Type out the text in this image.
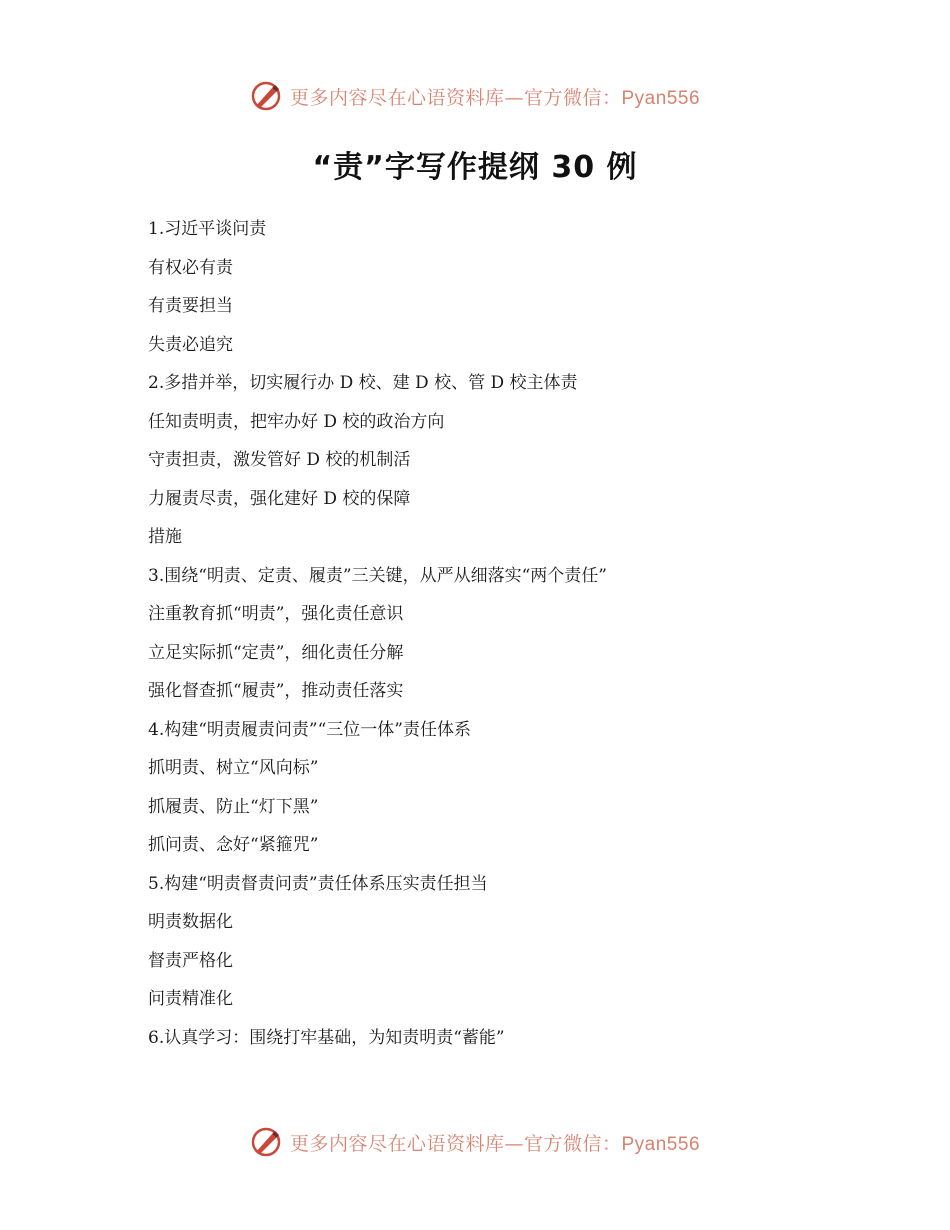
更多内容尽在心语资料库—官方微信：Pyan556
“责”字写作提纲 30 例
1.习近平谈问责
有权必有责
有责要担当
失责必追究
2.多措并举，切实履行办 D 校、建 D 校、管 D 校主体责
任知责明责，把牢办好 D 校的政治方向
守责担责，激发管好 D 校的机制活
力履责尽责，强化建好 D 校的保障
措施
3.围绕“明责、定责、履责”三关键，从严从细落实“两个责任”
注重教育抓“明责”，强化责任意识
立足实际抓“定责”，细化责任分解
强化督查抓“履责”，推动责任落实
4.构建“明责履责问责”“三位一体”责任体系
抓明责、树立“风向标”
抓履责、防止“灯下黑”
抓问责、念好“紧箍咒”
5.构建“明责督责问责”责任体系压实责任担当
明责数据化
督责严格化
问责精准化
6.认真学习：围绕打牢基础，为知责明责“蓄能”
更多内容尽在心语资料库—官方微信：Pyan556
